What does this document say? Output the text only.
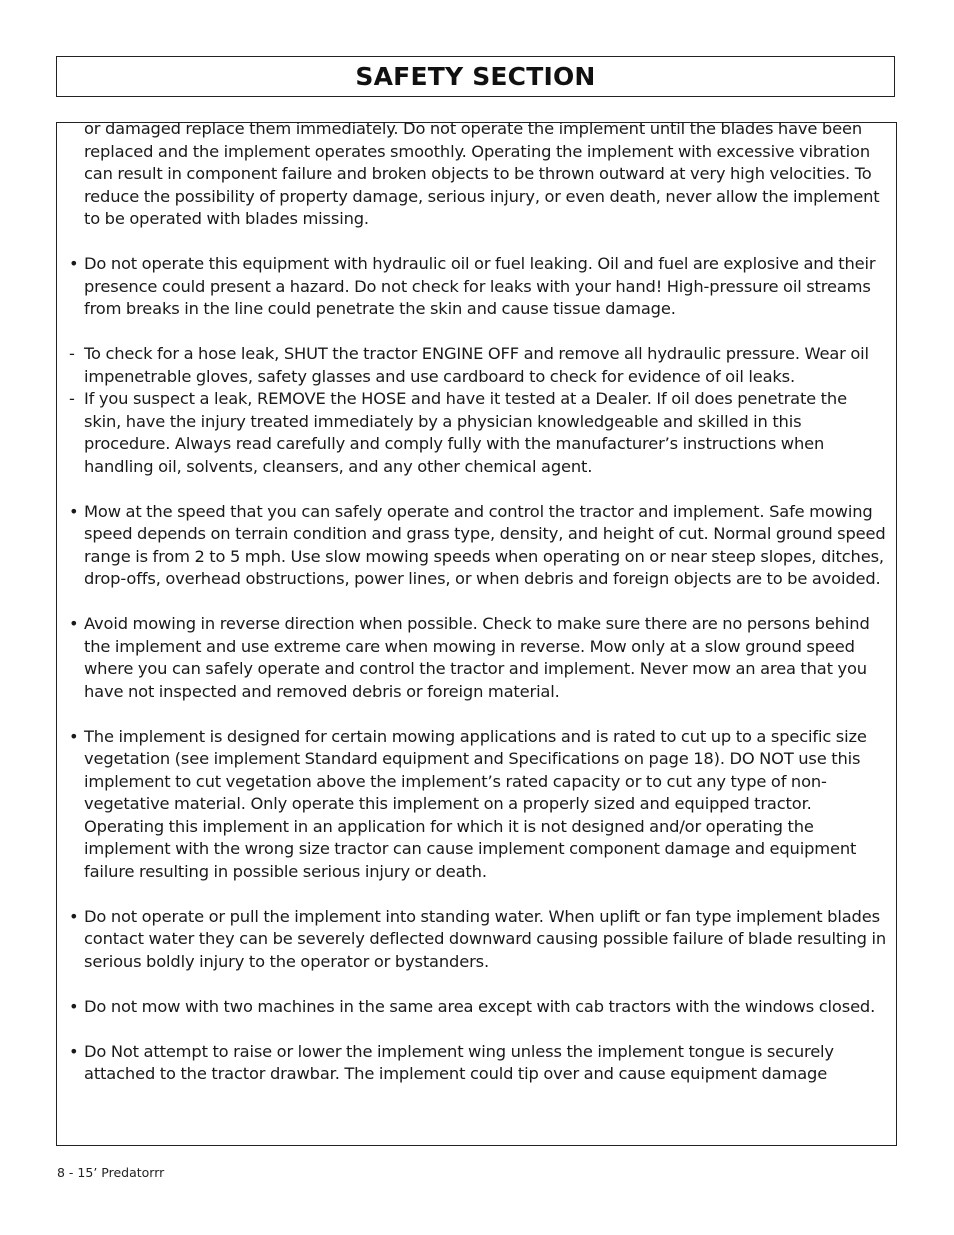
SAFETY SECTION
or damaged replace them immediately. Do not operate the implement until the blades have been replaced and the implement operates smoothly. Operating the implement with excessive vibration can result in component failure and broken objects to be thrown outward at very high velocities. To reduce the possibility of property damage, serious injury, or even death, never allow the implement to be operated with blades missing.
• Do not operate this equipment with hydraulic oil or fuel leaking. Oil and fuel are explosive and their presence could present a hazard. Do not check for leaks with your hand! High-pressure oil streams from breaks in the line could penetrate the skin and cause tissue damage.
- To check for a hose leak, SHUT the tractor ENGINE OFF and remove all hydraulic pressure. Wear oil impenetrable gloves, safety glasses and use cardboard to check for evidence of oil leaks.
- If you suspect a leak, REMOVE the HOSE and have it tested at a Dealer. If oil does penetrate the skin, have the injury treated immediately by a physician knowledgeable and skilled in this procedure. Always read carefully and comply fully with the manufacturer’s instructions when handling oil, solvents, cleansers, and any other chemical agent.
• Mow at the speed that you can safely operate and control the tractor and implement. Safe mowing speed depends on terrain condition and grass type, density, and height of cut. Normal ground speed range is from 2 to 5 mph. Use slow mowing speeds when operating on or near steep slopes, ditches, drop-offs, overhead obstructions, power lines, or when debris and foreign objects are to be avoided.
• Avoid mowing in reverse direction when possible. Check to make sure there are no persons behind the implement and use extreme care when mowing in reverse. Mow only at a slow ground speed where you can safely operate and control the tractor and implement. Never mow an area that you have not inspected and removed debris or foreign material.
• The implement is designed for certain mowing applications and is rated to cut up to a specific size vegetation (see implement Standard equipment and Specifications on page 18). DO NOT use this implement to cut vegetation above the implement’s rated capacity or to cut any type of non-vegetative material. Only operate this implement on a properly sized and equipped tractor. Operating this implement in an application for which it is not designed and/or operating the implement with the wrong size tractor can cause implement component damage and equipment failure resulting in possible serious injury or death.
• Do not operate or pull the implement into standing water. When uplift or fan type implement blades contact water they can be severely deflected downward causing possible failure of blade resulting in serious boldly injury to the operator or bystanders.
• Do not mow with two machines in the same area except with cab tractors with the windows closed.
• Do Not attempt to raise or lower the implement wing unless the implement tongue is securely attached to the tractor drawbar. The implement could tip over and cause equipment damage
8 - 15’ Predatorrr
